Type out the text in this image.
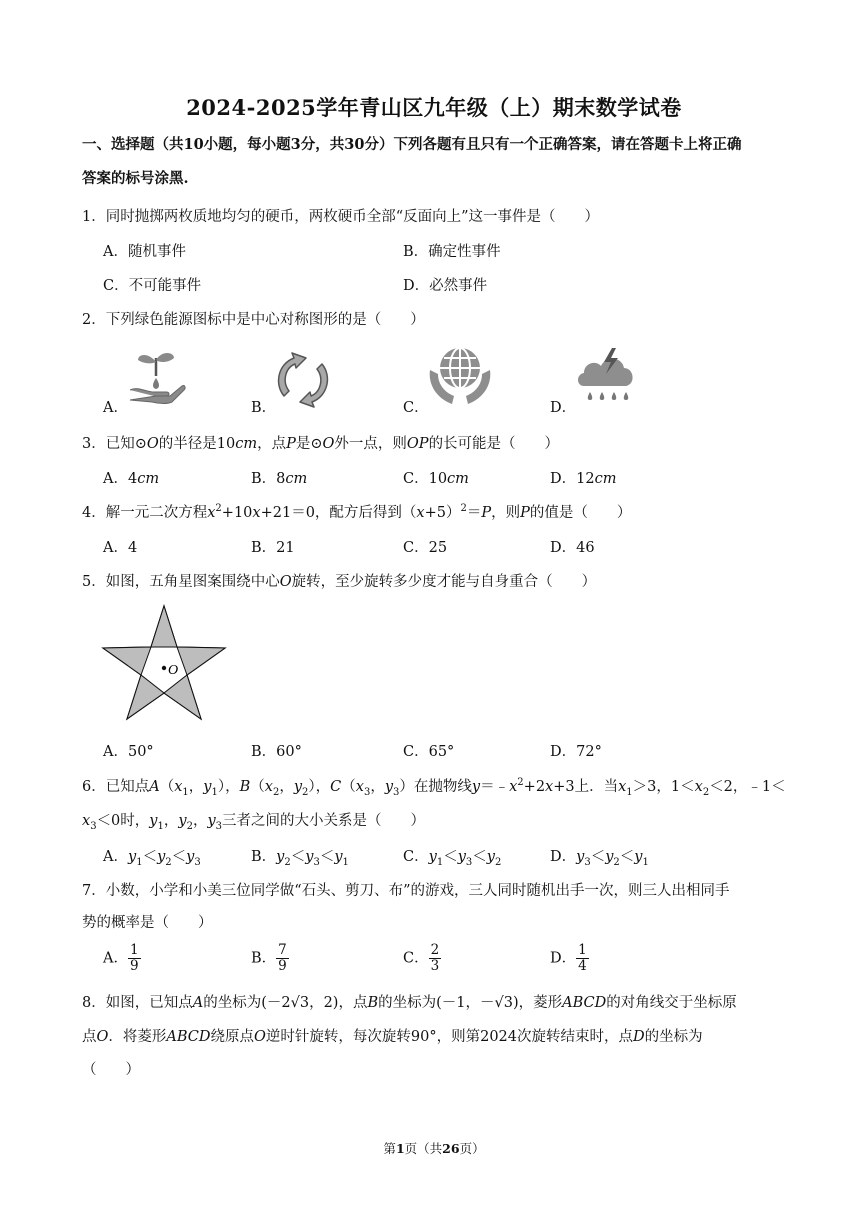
2024-2025学年青山区九年级（上）期末数学试卷
一、选择题（共10小题，每小题3分，共30分）下列各题有且只有一个正确答案，请在答题卡上将正确
答案的标号涂黑.
1．同时抛掷两枚质地均匀的硬币，两枚硬币全部“反面向上”这一事件是（　　）
A．随机事件	B．确定性事件
C．不可能事件	D．必然事件
2．下列绿色能源图标中是中心对称图形的是（　　）
A．	B．	C．	D．
3．已知⊙O的半径是10cm，点P是⊙O外一点，则OP的长可能是（　　）
A．4cm	B．8cm	C．10cm	D．12cm
4．解一元二次方程$x^2+10x+21=0$，配方后得到$(x+5)^2=P$，则P的值是（　　）
A．4	B．21	C．25	D．46
5．如图，五角星图案围绕中心O旋转，至少旋转多少度才能与自身重合（　　）
O
A．50°	B．60°	C．65°	D．72°
6．已知点$A(x_1$，$y_1$），$B(x_2$，$y_2$），$C(x_3$，$y_3$）在抛物线$y=﹣x^2+2x+3$上．当$x_1>3$，$1<x_2<2$，﹣1＜
$x_3<0$时，$y_1$，$y_2$，$y_3$三者之间的大小关系是（　　）
A．$y_1<y_2<y_3$	B．$y_2<y_3<y_1$	C．$y_1<y_3<y_2$	D．$y_3<y_2<y_1$
7．小数，小学和小美三位同学做“石头、剪刀、布”的游戏，三人同时随机出手一次，则三人出相同手
势的概率是（　　）
A． $\frac{1}{9}$	B． $\frac{7}{9}$	C． $\frac{2}{3}$	D． $\frac{1}{4}$
8．如图，已知点A的坐标为(－2√3，2)，点B的坐标为(－1，－√3)，菱形ABCD的对角线交于坐标原
点O．将菱形ABCD绕原点O逆时针旋转，每次旋转90°，则第2024次旋转结束时，点D的坐标为
（　　）
第1页（共26页）
